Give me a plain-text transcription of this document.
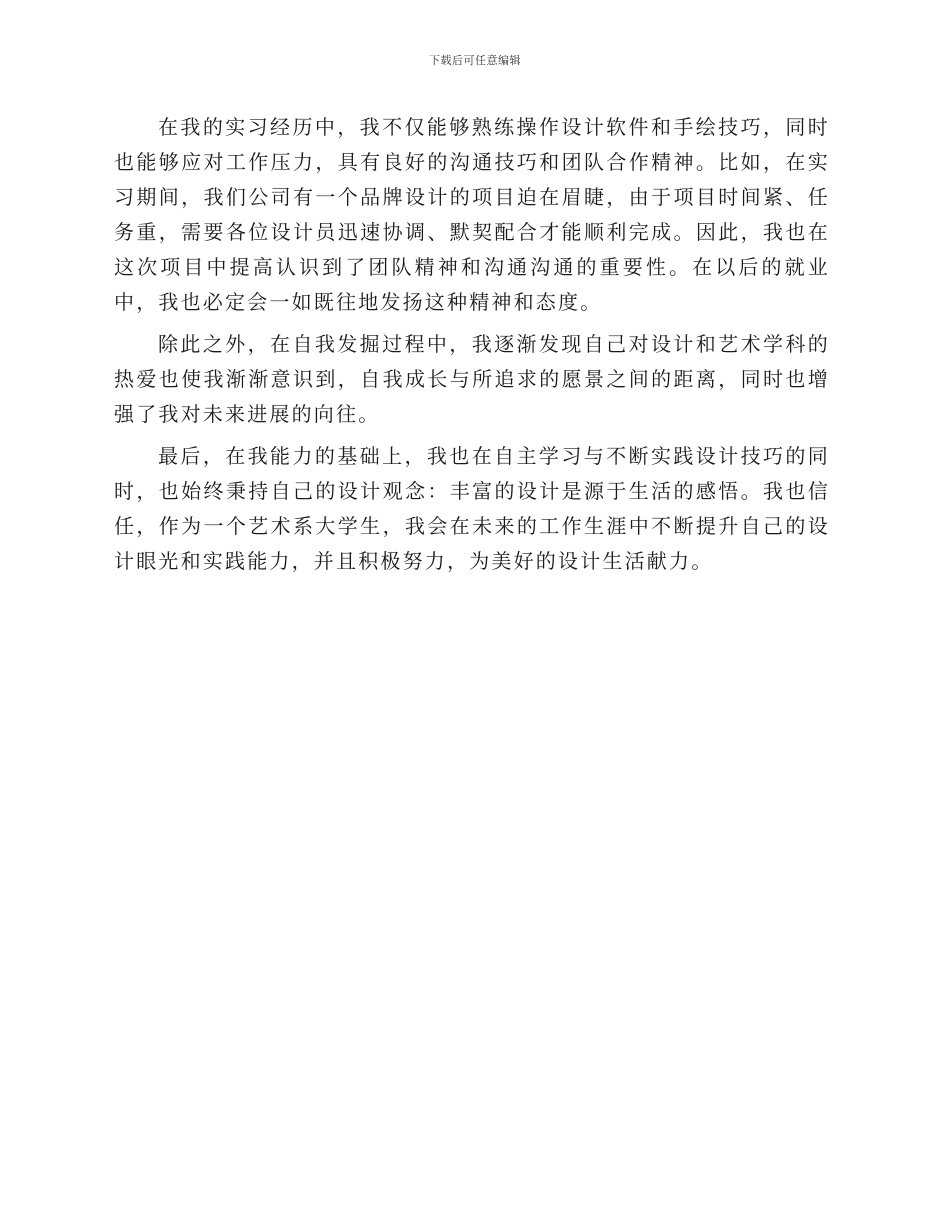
下载后可任意编辑

在我的实习经历中，我不仅能够熟练操作设计软件和手绘技巧，同时也能够应对工作压力，具有良好的沟通技巧和团队合作精神。比如，在实习期间，我们公司有一个品牌设计的项目迫在眉睫，由于项目时间紧、任务重，需要各位设计员迅速协调、默契配合才能顺利完成。因此，我也在这次项目中提高认识到了团队精神和沟通沟通的重要性。在以后的就业中，我也必定会一如既往地发扬这种精神和态度。

除此之外，在自我发掘过程中，我逐渐发现自己对设计和艺术学科的热爱也使我渐渐意识到，自我成长与所追求的愿景之间的距离，同时也增强了我对未来进展的向往。

最后，在我能力的基础上，我也在自主学习与不断实践设计技巧的同时，也始终秉持自己的设计观念：丰富的设计是源于生活的感悟。我也信任，作为一个艺术系大学生，我会在未来的工作生涯中不断提升自己的设计眼光和实践能力，并且积极努力，为美好的设计生活献力。
